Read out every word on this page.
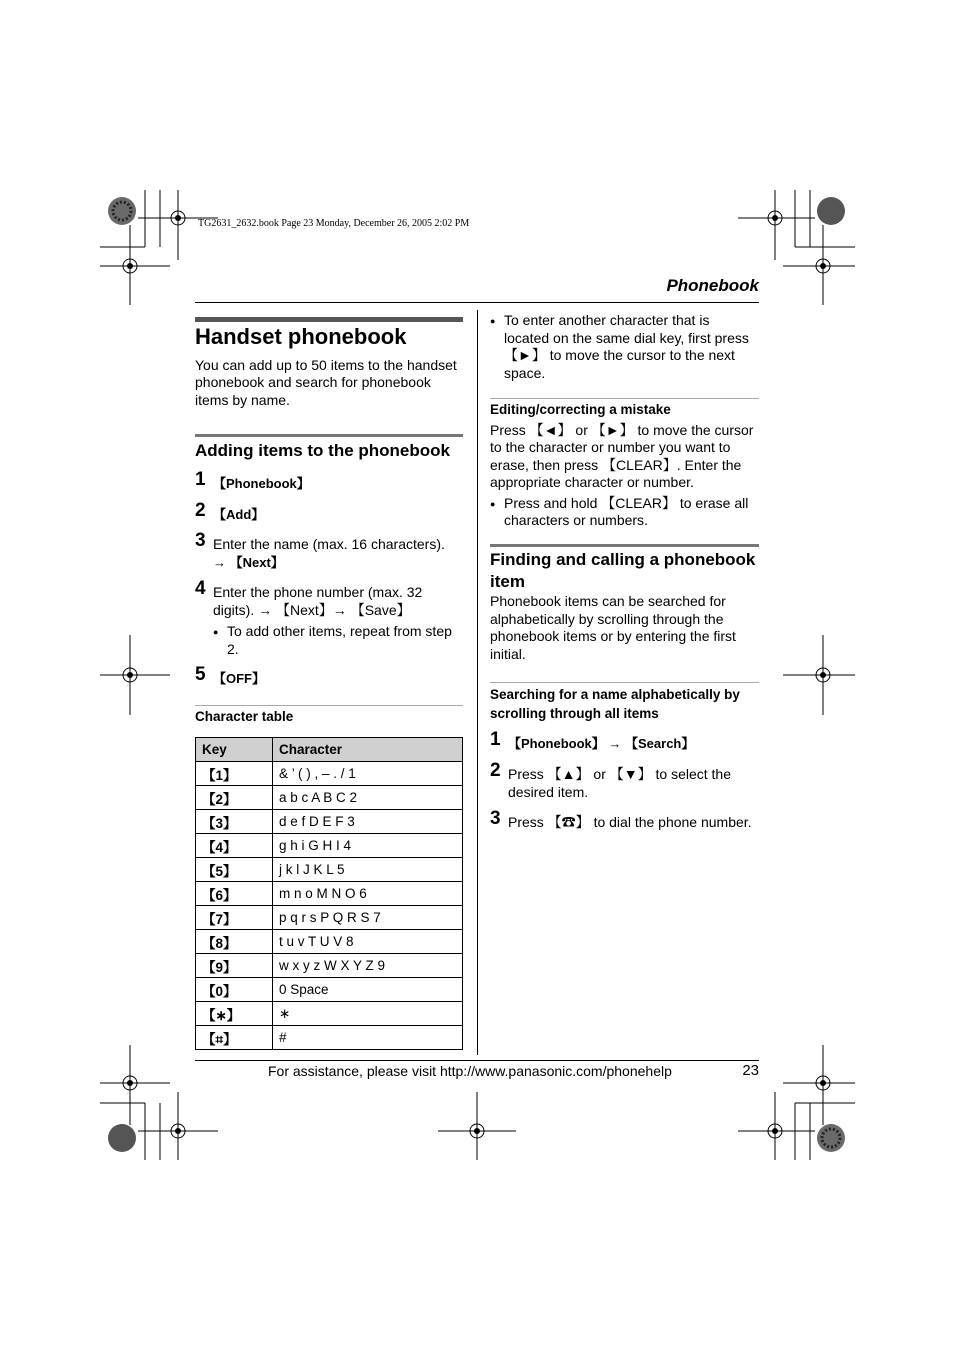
TG2631_2632.book Page 23 Monday, December 26, 2005 2:02 PM
Phonebook
Handset phonebook

You can add up to 50 items to the handset phonebook and search for phonebook items by name.

Adding items to the phonebook
1 【Phonebook】
2 【Add】
3 Enter the name (max. 16 characters).
→ 【Next】
4 Enter the phone number (max. 32 digits). → 【Next】→ 【Save】
● To add other items, repeat from step 2.
5 【OFF】
Character table
Key	Character
【1】	& ’ ( ) , – . / 1
【2】	a b c A B C 2
【3】	d e f D E F 3
【4】	g h i G H I 4
【5】	j k l J K L 5
【6】	m n o M N O 6
【7】	p q r s P Q R S 7
【8】	t u v T U V 8
【9】	w x y z W X Y Z 9
【0】	0 Space
【∗】	∗
【⌗】	#
● To enter another character that is located on the same dial key, first press 【►】 to move the cursor to the next space.
Editing/correcting a mistake
Press 【◄】 or 【►】 to move the cursor to the character or number you want to erase, then press 【CLEAR】. Enter the appropriate character or number.
● Press and hold 【CLEAR】 to erase all characters or numbers.
Finding and calling a phonebook item
Phonebook items can be searched for alphabetically by scrolling through the phonebook items or by entering the first initial.
Searching for a name alphabetically by scrolling through all items
1 【Phonebook】 → 【Search】
2 Press 【▲】 or 【▼】 to select the desired item.
3 Press 【☎】 to dial the phone number.
For assistance, please visit http://www.panasonic.com/phonehelp	23
